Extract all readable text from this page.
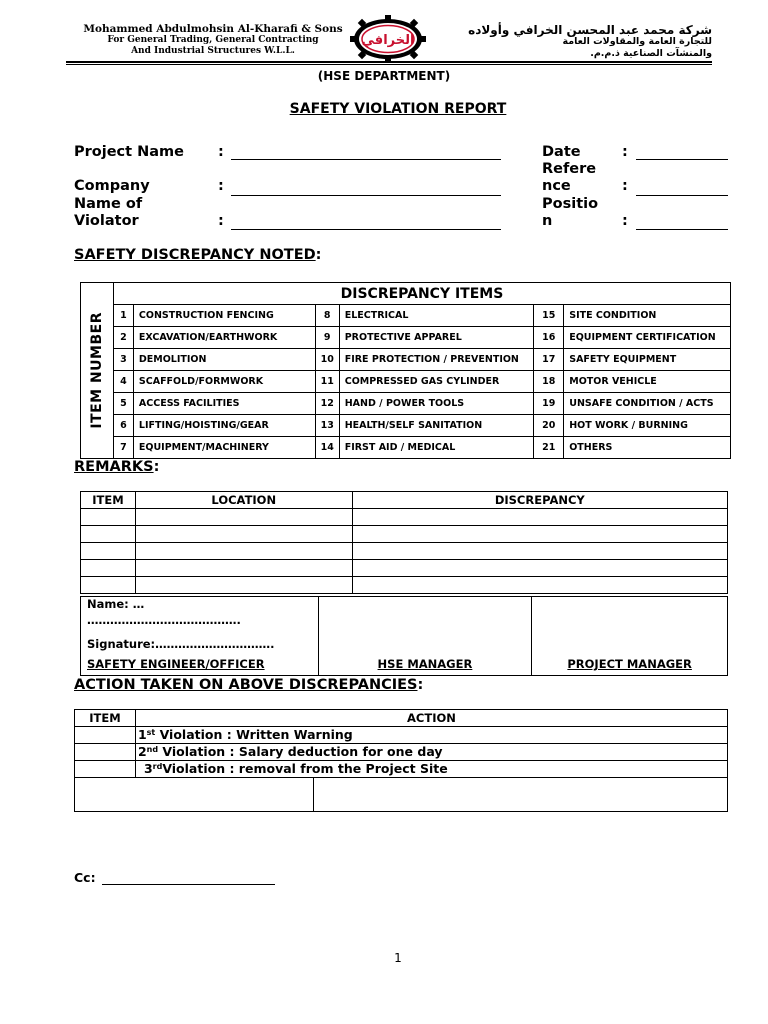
Mohammed Abdulmohsin Al-Kharafi & Sons
For General Trading, General Contracting
And Industrial Structures W.L.L.
الخرافي
شركة محمد عبد المحسن الخرافي وأولاده
للتجارة العامة والمقاولات العامة
والمنشآت الصناعية ذ.م.م.
(HSE DEPARTMENT)
SAFETY VIOLATION REPORT
Project Name :
Company	:
Name of
Violator	:
Date	:
Refere
nce	:
Positio
n	:
SAFETY DISCREPANCY NOTED:
ITEM NUMBER	DISCREPANCY ITEMS					
	1	CONSTRUCTION FENCING	8	ELECTRICAL	15	SITE CONDITION
	2	EXCAVATION/EARTHWORK	9	PROTECTIVE APPAREL	16	EQUIPMENT CERTIFICATION
	3	DEMOLITION	10	FIRE PROTECTION / PREVENTION	17	SAFETY EQUIPMENT
	4	SCAFFOLD/FORMWORK	11	COMPRESSED GAS CYLINDER	18	MOTOR VEHICLE
	5	ACCESS FACILITIES	12	HAND / POWER TOOLS	19	UNSAFE CONDITION / ACTS
	6	LIFTING/HOISTING/GEAR	13	HEALTH/SELF SANITATION	20	HOT WORK / BURNING
	7	EQUIPMENT/MACHINERY	14	FIRST AID / MEDICAL	21	OTHERS
REMARKS:
ITEM	LOCATION	DISCREPANCY

Name: …
………………………………….
Signature:………………………….
SAFETY ENGINEER/OFFICER	HSE MANAGER	PROJECT MANAGER
ACTION TAKEN ON ABOVE DISCREPANCIES:
ITEM	ACTION	
	1st Violation : Written Warning	
	2nd Violation : Salary deduction for one day	
	3rdViolation : removal from the Project Site	

Cc:
1
